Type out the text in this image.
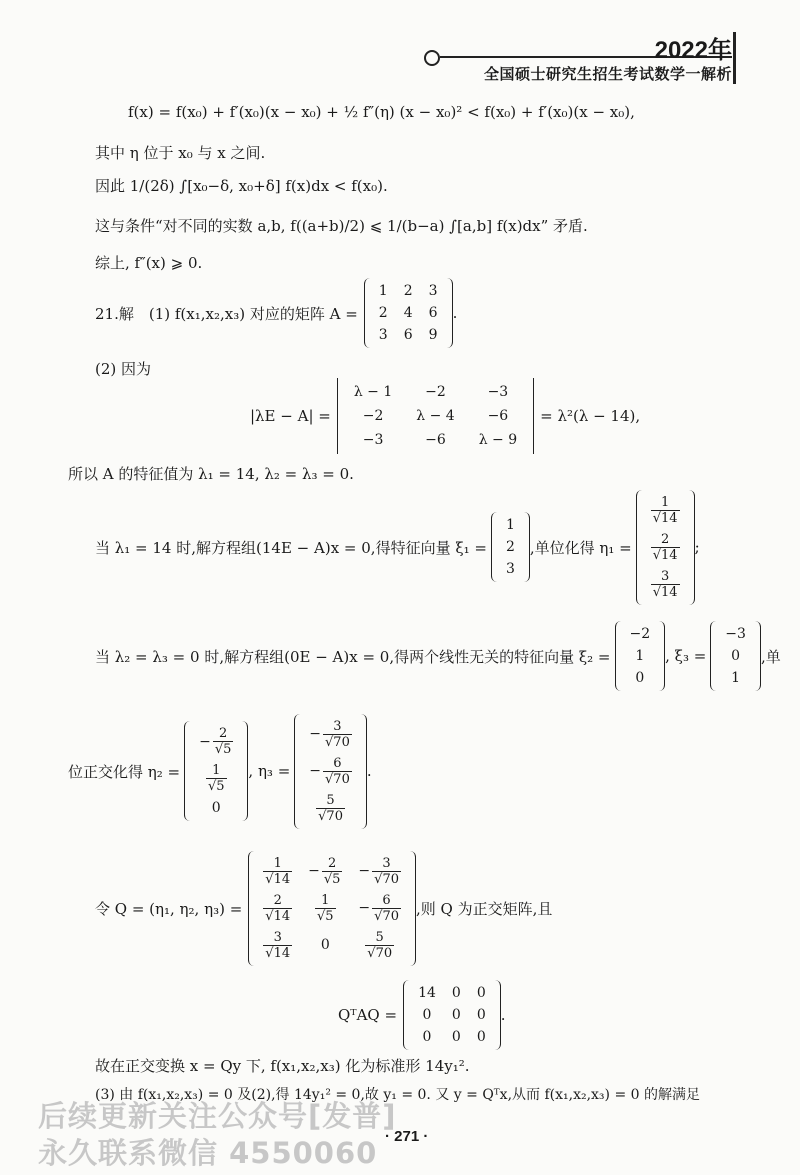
2022年
全国硕士研究生招生考试数学一解析
f(x) = f(x₀) + f′(x₀)(x − x₀) + ½ f″(η) (x − x₀)² < f(x₀) + f′(x₀)(x − x₀),
其中 η 位于 x₀ 与 x 之间.
因此 1/(2δ) ∫[x₀−δ, x₀+δ] f(x)dx < f(x₀).
这与条件“对不同的实数 a,b, f((a+b)/2) ⩽ 1/(b−a) ∫[a,b] f(x)dx” 矛盾.
综上, f″(x) ⩾ 0.
21.解　(1) f(x₁,x₂,x₃) 对应的矩阵 A =
1	2	3
2	4	6
3	6	9
.
(2) 因为
|λE − A| =
λ − 1	−2	−3
−2	λ − 4	−6
−3	−6	λ − 9
= λ²(λ − 14),
所以 A 的特征值为 λ₁ = 14, λ₂ = λ₃ = 0.
当 λ₁ = 14 时,解方程组(14E − A)x = 0,得特征向量 ξ₁ =
1
2
3
,单位化得 η₁ =
$\frac{1}{√14}$

$\frac{2}{√14}$

$\frac{3}{√14}$
;
当 λ₂ = λ₃ = 0 时,解方程组(0E − A)x = 0,得两个线性无关的特征向量 ξ₂ =
−2
1
0
, ξ₃ =
−3
0
1
,单
位正交化得 η₂ =
− $\frac{2}{√5}$

$\frac{1}{√5}$

0
, η₃ =
− $\frac{3}{√70}$

− $\frac{6}{√70}$

$\frac{5}{√70}$
.
令 Q = (η₁, η₂, η₃) =
$\frac{1}{√14}$	− $\frac{2}{√5}$	− $\frac{3}{√70}$

$\frac{2}{√14}$	$\frac{1}{√5}$	− $\frac{6}{√70}$

$\frac{3}{√14}$	0	$\frac{5}{√70}$
,则 Q 为正交矩阵,且
QᵀAQ =
14	0	0
0	0	0
0	0	0
.
故在正交变换 x = Qy 下, f(x₁,x₂,x₃) 化为标准形 14y₁².
(3) 由 f(x₁,x₂,x₃) = 0 及(2),得 14y₁² = 0,故 y₁ = 0. 又 y = Qᵀx,从而 f(x₁,x₂,x₃) = 0 的解满足
后续更新关注公众号[发普]
永久联系微信 4550060 · 271 ·
